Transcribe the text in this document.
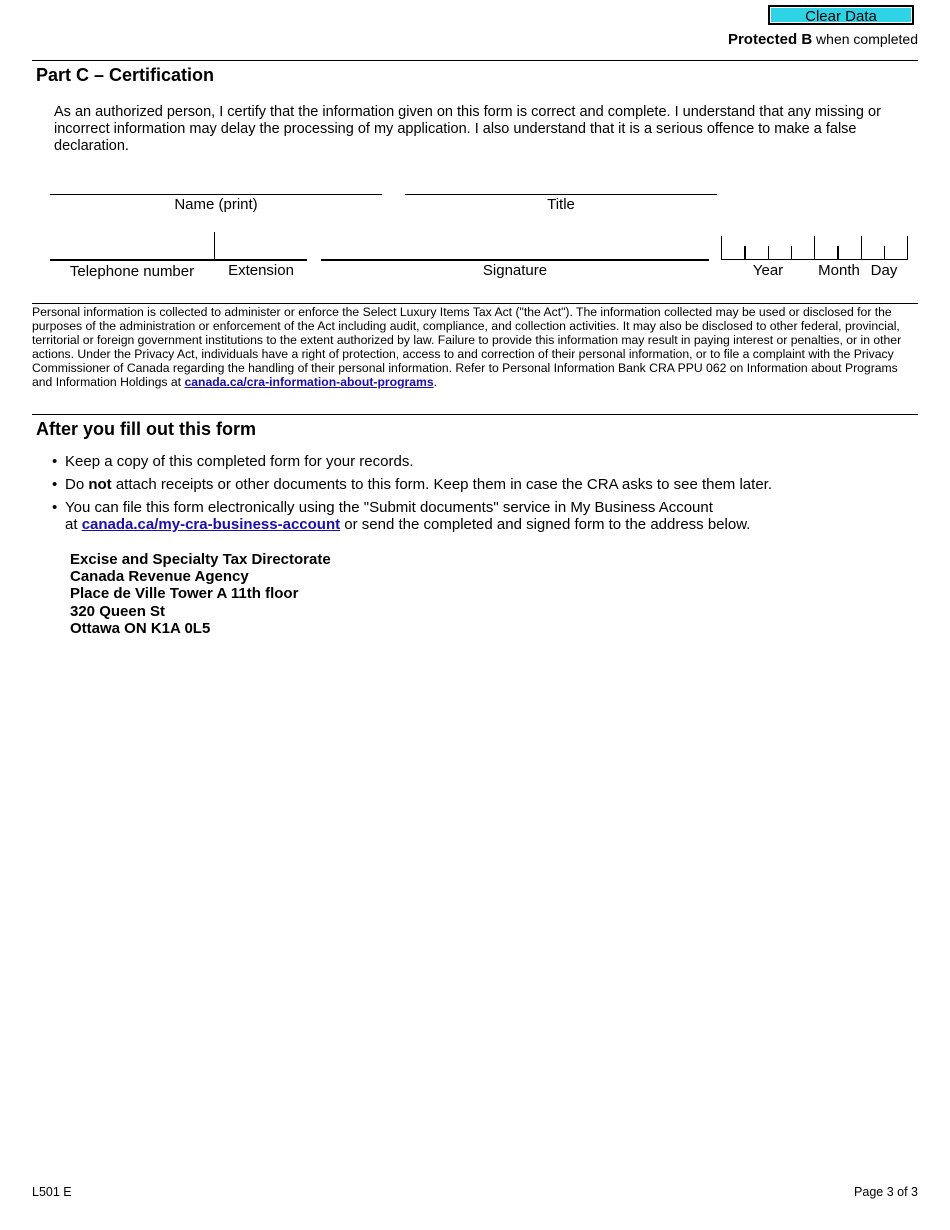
Clear Data
Protected B when completed
Part C – Certification
As an authorized person, I certify that the information given on this form is correct and complete. I understand that any missing or incorrect information may delay the processing of my application. I also understand that it is a serious offence to make a false declaration.
Name (print)	Title
Telephone number	Extension	Signature	Year	Month Day
Personal information is collected to administer or enforce the Select Luxury Items Tax Act ("the Act"). The information collected may be used or disclosed for the purposes of the administration or enforcement of the Act including audit, compliance, and collection activities. It may also be disclosed to other federal, provincial, territorial or foreign government institutions to the extent authorized by law. Failure to provide this information may result in paying interest or penalties, or in other actions. Under the Privacy Act, individuals have a right of protection, access to and correction of their personal information, or to file a complaint with the Privacy Commissioner of Canada regarding the handling of their personal information. Refer to Personal Information Bank CRA PPU 062 on Information about Programs and Information Holdings at canada.ca/cra-information-about-programs.
After you fill out this form
• Keep a copy of this completed form for your records.
• Do not attach receipts or other documents to this form. Keep them in case the CRA asks to see them later.
• You can file this form electronically using the "Submit documents" service in My Business Account
at canada.ca/my-cra-business-account or send the completed and signed form to the address below.
Excise and Specialty Tax Directorate
Canada Revenue Agency
Place de Ville Tower A 11th floor
320 Queen St
Ottawa ON K1A 0L5
L501 E	Page 3 of 3
